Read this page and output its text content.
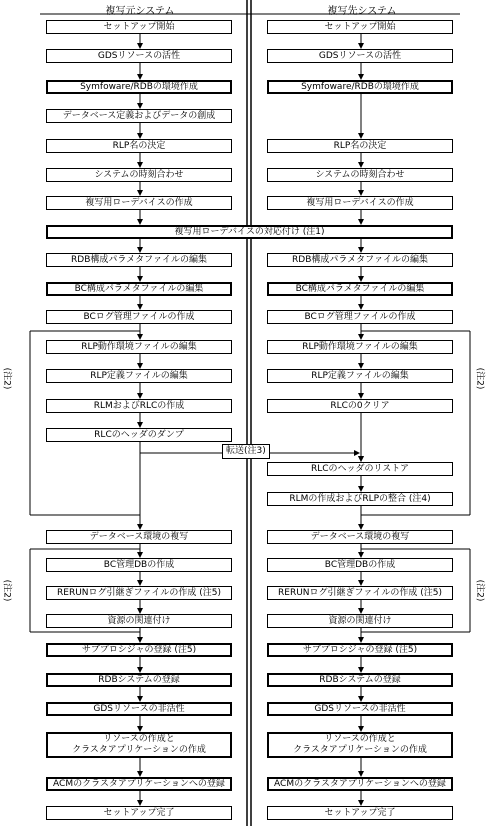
複写元システム	複写先システム
セットアップ開始	セットアップ開始
GDSリソースの活性	GDSリソースの活性
Symfoware/RDBの環境作成	Symfoware/RDBの環境作成
データベース定義およびデータの創成
RLP名の決定	RLP名の決定
システムの時刻合わせ	システムの時刻合わせ
複写用ローデバイスの作成	複写用ローデバイスの作成
複写用ローデバイスの対応付け (注1)
RDB構成パラメタファイルの編集	RDB構成パラメタファイルの編集
BC構成パラメタファイルの編集	BC構成パラメタファイルの編集
BCログ管理ファイルの作成	BCログ管理ファイルの作成
RLP動作環境ファイルの編集	RLP動作環境ファイルの編集
RLP定義ファイルの編集	RLP定義ファイルの編集
RLMおよびRLCの作成	RLCの0クリア
RLCのヘッダのダンプ
RLCのヘッダのリストア
RLMの作成およびRLPの整合 (注4)
データベース環境の複写	データベース環境の複写
BC管理DBの作成	BC管理DBの作成
RERUNログ引継ぎファイルの作成 (注5)	RERUNログ引継ぎファイルの作成 (注5)
資源の関連付け	資源の関連付け
サブプロシジャの登録 (注5)	サブプロシジャの登録 (注5)
RDBシステムの登録	RDBシステムの登録
GDSリソースの非活性	GDSリソースの非活性
リソースの作成と
クラスタアプリケーションの作成
リソースの作成と
クラスタアプリケーションの作成
ACMのクラスタアプリケーションへの登録	ACMのクラスタアプリケーションへの登録
セットアップ完了	セットアップ完了
転送(注3)
(注2)	(注2)
(注2)	(注2)
